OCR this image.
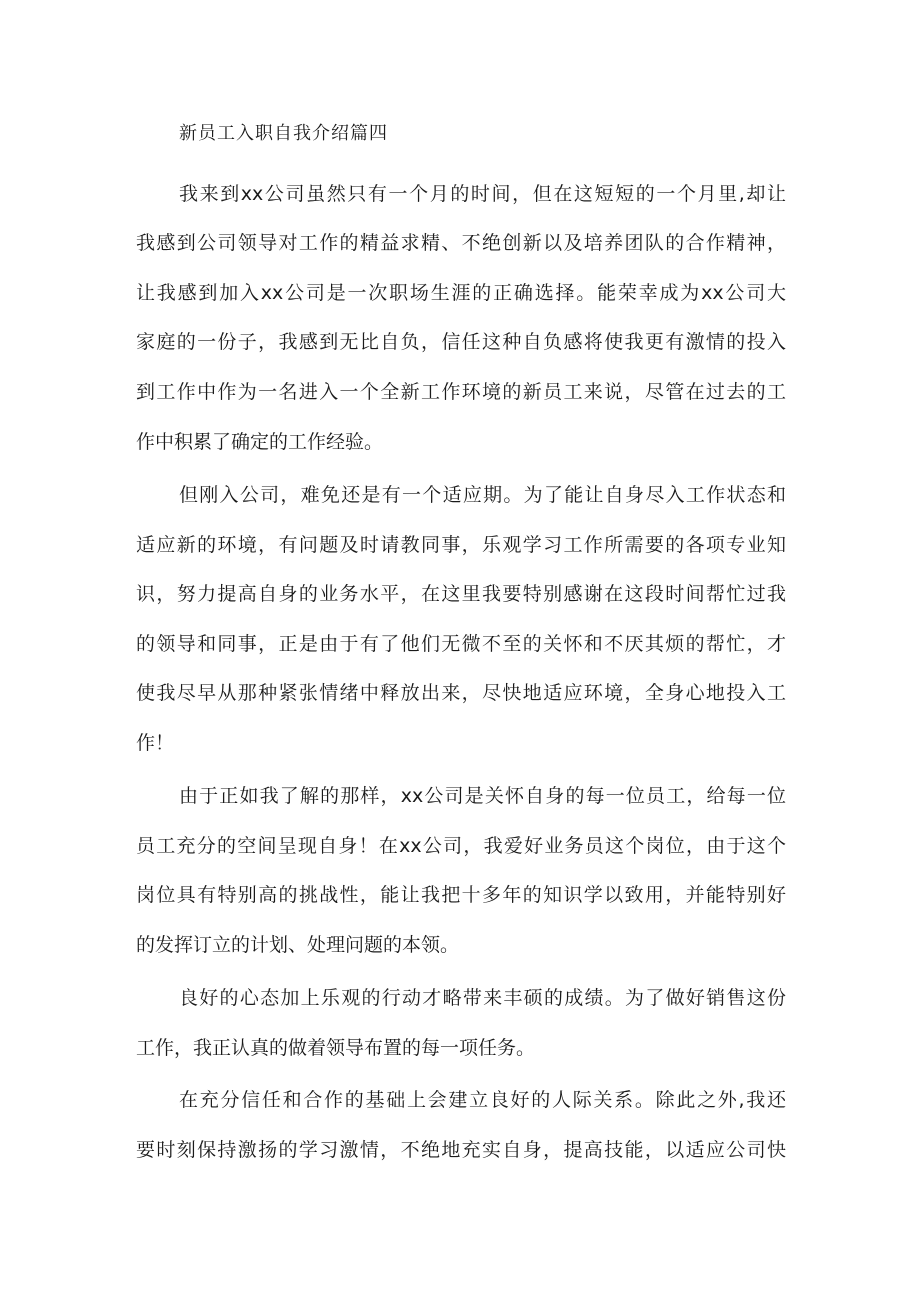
新员工入职自我介绍篇四
我来到xx公司虽然只有一个月的时间，但在这短短的一个月里,却让
我感到公司领导对工作的精益求精、不绝创新以及培养团队的合作精神，
让我感到加入xx公司是一次职场生涯的正确选择。能荣幸成为xx公司大
家庭的一份子，我感到无比自负，信任这种自负感将使我更有激情的投入
到工作中作为一名进入一个全新工作环境的新员工来说，尽管在过去的工
作中积累了确定的工作经验。
但刚入公司，难免还是有一个适应期。为了能让自身尽入工作状态和
适应新的环境，有问题及时请教同事，乐观学习工作所需要的各项专业知
识，努力提高自身的业务水平，在这里我要特别感谢在这段时间帮忙过我
的领导和同事，正是由于有了他们无微不至的关怀和不厌其烦的帮忙，才
使我尽早从那种紧张情绪中释放出来，尽快地适应环境，全身心地投入工
作！
由于正如我了解的那样，xx公司是关怀自身的每一位员工，给每一位
员工充分的空间呈现自身！在xx公司，我爱好业务员这个岗位，由于这个
岗位具有特别高的挑战性，能让我把十多年的知识学以致用，并能特别好
的发挥订立的计划、处理问题的本领。
良好的心态加上乐观的行动才略带来丰硕的成绩。为了做好销售这份
工作，我正认真的做着领导布置的每一项任务。
在充分信任和合作的基础上会建立良好的人际关系。除此之外,我还
要时刻保持激扬的学习激情，不绝地充实自身，提高技能，以适应公司快
